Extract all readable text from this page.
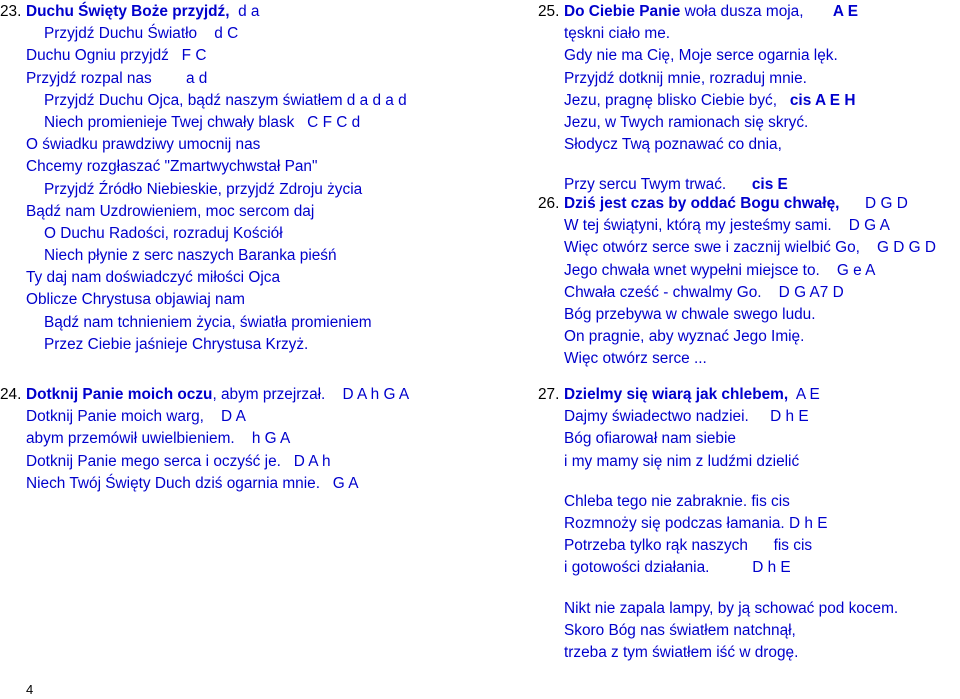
23. Duchu Święty Boże przyjdź,  d a
Przyjdź Duchu Światło    d C
Duchu Ogniu przyjdź   F C
Przyjdź rozpal nas        a d
Przyjdź Duchu Ojca, bądź naszym światłem d a d a d
Niech promienieje Twej chwały blask   C F C d
O świadku prawdziwy umocnij nas
Chcemy rozgłaszać "Zmartwychwstał Pan"
Przyjdź Źródło Niebieskie, przyjdź Zdroju życia
Bądź nam Uzdrowieniem, moc sercom daj
O Duchu Radości, rozraduj Kościół
Niech płynie z serc naszych Baranka pieśń
Ty daj nam doświadczyć miłości Ojca
Oblicze Chrystusa objawiaj nam
Bądź nam tchnieniem życia, światła promieniem
Przez Ciebie jaśnieje Chrystusa Krzyż.
24. Dotknij Panie moich oczu, abym przejrzał.    D A h G A
Dotknij Panie moich warg,    D A
abym przemówił uwielbieniem.    h G A
Dotknij Panie mego serca i oczyść je.   D A h
Niech Twój Święty Duch dziś ogarnia mnie.   G A
25. Do Ciebie Panie woła dusza moja,       A E
tęskni ciało me.
Gdy nie ma Cię, Moje serce ogarnia lęk.
Przyjdź dotknij mnie, rozraduj mnie.
Jezu, pragnę blisko Ciebie być,   cis A E H
Jezu, w Twych ramionach się skryć.
Słodycz Twą poznawać co dnia,
Przy sercu Twym trwać.      cis E
26. Dziś jest czas by oddać Bogu chwałę,      D G D
W tej świątyni, którą my jesteśmy sami.    D G A
Więc otwórz serce swe i zacznij wielbić Go,    G D G D
Jego chwała wnet wypełni miejsce to.    G e A
Chwała cześć - chwalmy Go.    D G A7 D
Bóg przebywa w chwale swego ludu.
On pragnie, aby wyznać Jego Imię.
Więc otwórz serce ...
27. Dzielmy się wiarą jak chlebem,  A E
Dajmy świadectwo nadziei.     D h E
Bóg ofiarował nam siebie
i my mamy się nim z ludźmi dzielić
Chleba tego nie zabraknie. fis cis
Rozmnoży się podczas łamania. D h E
Potrzeba tylko rąk naszych      fis cis
i gotowości działania.          D h E
Nikt nie zapala lampy, by ją schować pod kocem.
Skoro Bóg nas światłem natchnął,
trzeba z tym światłem iść w drogę.
4
